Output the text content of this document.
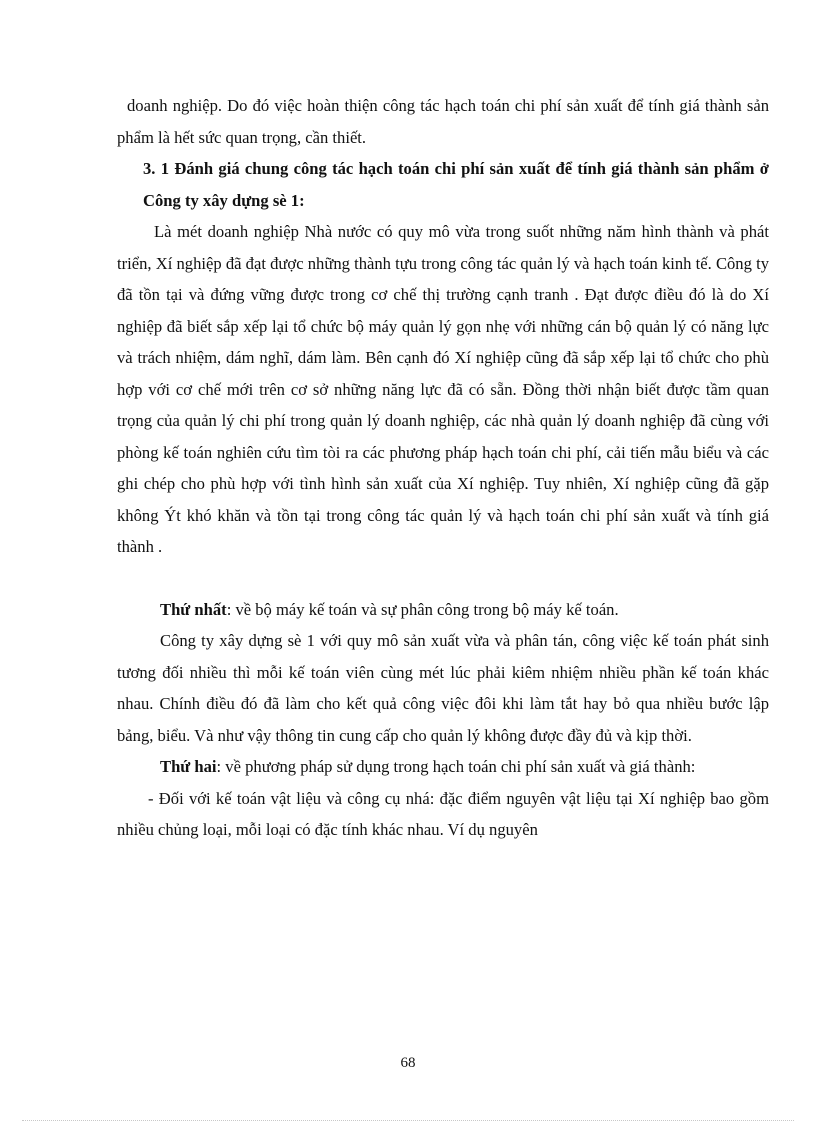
doanh nghiệp. Do đó việc hoàn thiện công tác hạch toán chi phí sản xuất để tính giá thành sản phẩm là hết sức quan trọng, cần thiết.

3. 1 Đánh giá chung công tác hạch toán chi phí sản xuất để tính giá thành sản phẩm ở Công ty xây dựng sè 1:

Là mét doanh nghiệp Nhà nước có quy mô vừa trong suốt những năm hình thành và phát triển, Xí nghiệp đã đạt được những thành tựu trong công tác quản lý và hạch toán kinh tế. Công ty đã tồn tại và đứng vững được trong cơ chế thị trường cạnh tranh . Đạt được điều đó là do Xí nghiệp đã biết sắp xếp lại tổ chức bộ máy quản lý gọn nhẹ với những cán bộ quản lý có năng lực và trách nhiệm, dám nghĩ, dám làm. Bên cạnh đó Xí nghiệp cũng đã sắp xếp lại tổ chức cho phù hợp với cơ chế mới trên cơ sở những năng lực đã có sẵn. Đồng thời nhận biết được tầm quan trọng của quản lý chi phí trong quản lý doanh nghiệp, các nhà quản lý doanh nghiệp đã cùng với phòng kế toán nghiên cứu tìm tòi ra các phương pháp hạch toán chi phí, cải tiến mẫu biểu và các ghi chép cho phù hợp với tình hình sản xuất của Xí nghiệp. Tuy nhiên, Xí nghiệp cũng đã gặp không Ýt khó khăn và tồn tại trong công tác quản lý và hạch toán chi phí sản xuất và tính giá thành .

Thứ nhất: về bộ máy kế toán và sự phân công trong bộ máy kế toán.

Công ty xây dựng sè 1 với quy mô sản xuất vừa và phân tán, công việc kế toán phát sinh tương đối nhiều thì mỗi kế toán viên cùng mét lúc phải kiêm nhiệm nhiều phần kế toán khác nhau. Chính điều đó đã làm cho kết quả công việc đôi khi làm tắt hay bỏ qua nhiều bước lập bảng, biểu. Và như vậy thông tin cung cấp cho quản lý không được đầy đủ và kịp thời.

Thứ hai: về phương pháp sử dụng trong hạch toán chi phí sản xuất và giá thành:

- Đối với kế toán vật liệu và công cụ nhá: đặc điểm nguyên vật liệu tại Xí nghiệp bao gồm nhiều chủng loại, mỗi loại có đặc tính khác nhau. Ví dụ nguyên

68
